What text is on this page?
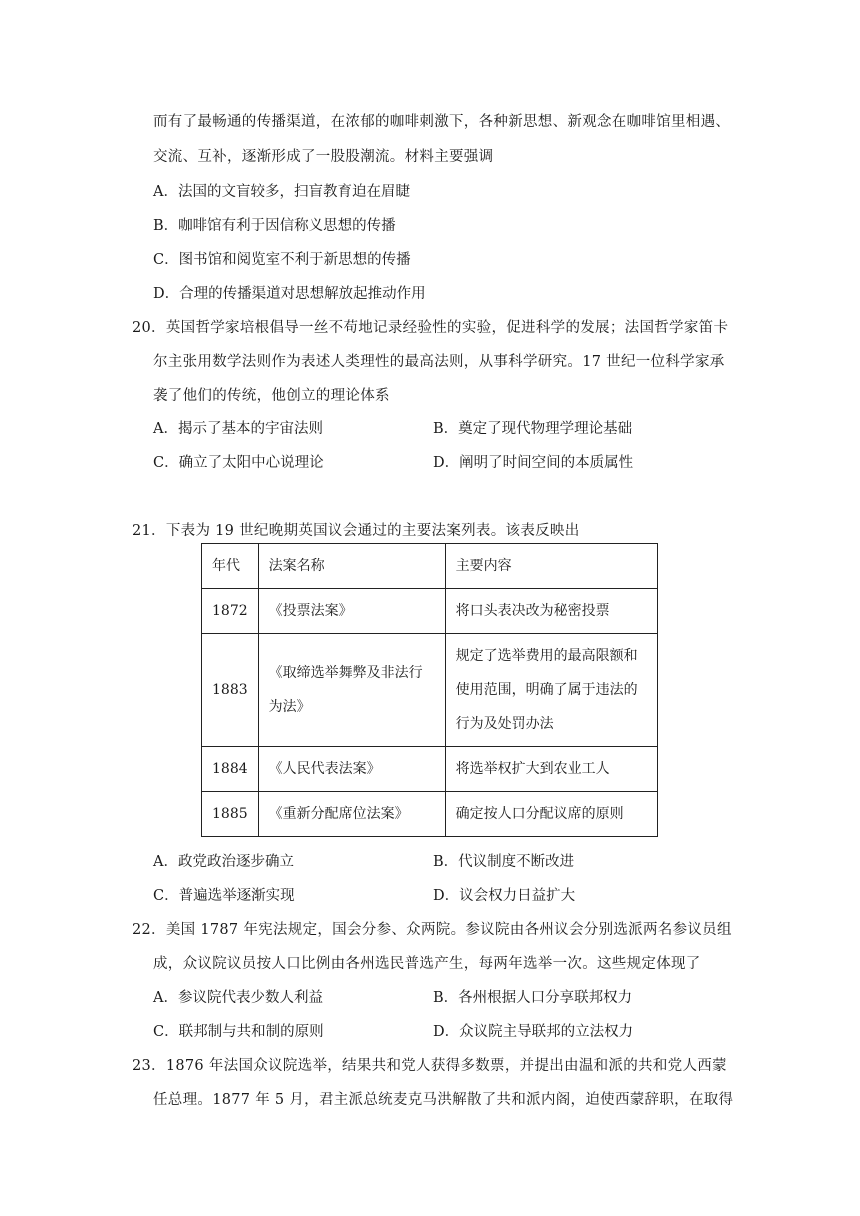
而有了最畅通的传播渠道，在浓郁的咖啡刺激下，各种新思想、新观念在咖啡馆里相遇、
交流、互补，逐渐形成了一股股潮流。材料主要强调
A．法国的文盲较多，扫盲教育迫在眉睫
B．咖啡馆有利于因信称义思想的传播
C．图书馆和阅览室不利于新思想的传播
D．合理的传播渠道对思想解放起推动作用
20．英国哲学家培根倡导一丝不苟地记录经验性的实验，促进科学的发展；法国哲学家笛卡
尔主张用数学法则作为表述人类理性的最高法则，从事科学研究。17 世纪一位科学家承
袭了他们的传统，他创立的理论体系
A．揭示了基本的宇宙法则	B．奠定了现代物理学理论基础
C．确立了太阳中心说理论	D．阐明了时间空间的本质属性
21．下表为 19 世纪晚期英国议会通过的主要法案列表。该表反映出
年代	法案名称	主要内容
1872	《投票法案》	将口头表决改为秘密投票
1883	《取缔选举舞弊及非法行为法》	规定了选举费用的最高限额和使用范围，明确了属于违法的行为及处罚办法
1884	《人民代表法案》	将选举权扩大到农业工人
1885	《重新分配席位法案》	确定按人口分配议席的原则
A．政党政治逐步确立	B．代议制度不断改进
C．普遍选举逐渐实现	D．议会权力日益扩大
22．美国 1787 年宪法规定，国会分参、众两院。参议院由各州议会分别选派两名参议员组
成，众议院议员按人口比例由各州选民普选产生，每两年选举一次。这些规定体现了
A．参议院代表少数人利益	B．各州根据人口分享联邦权力
C．联邦制与共和制的原则	D．众议院主导联邦的立法权力
23．1876 年法国众议院选举，结果共和党人获得多数票，并提出由温和派的共和党人西蒙
任总理。1877 年 5 月，君主派总统麦克马洪解散了共和派内阁，迫使西蒙辞职，在取得
